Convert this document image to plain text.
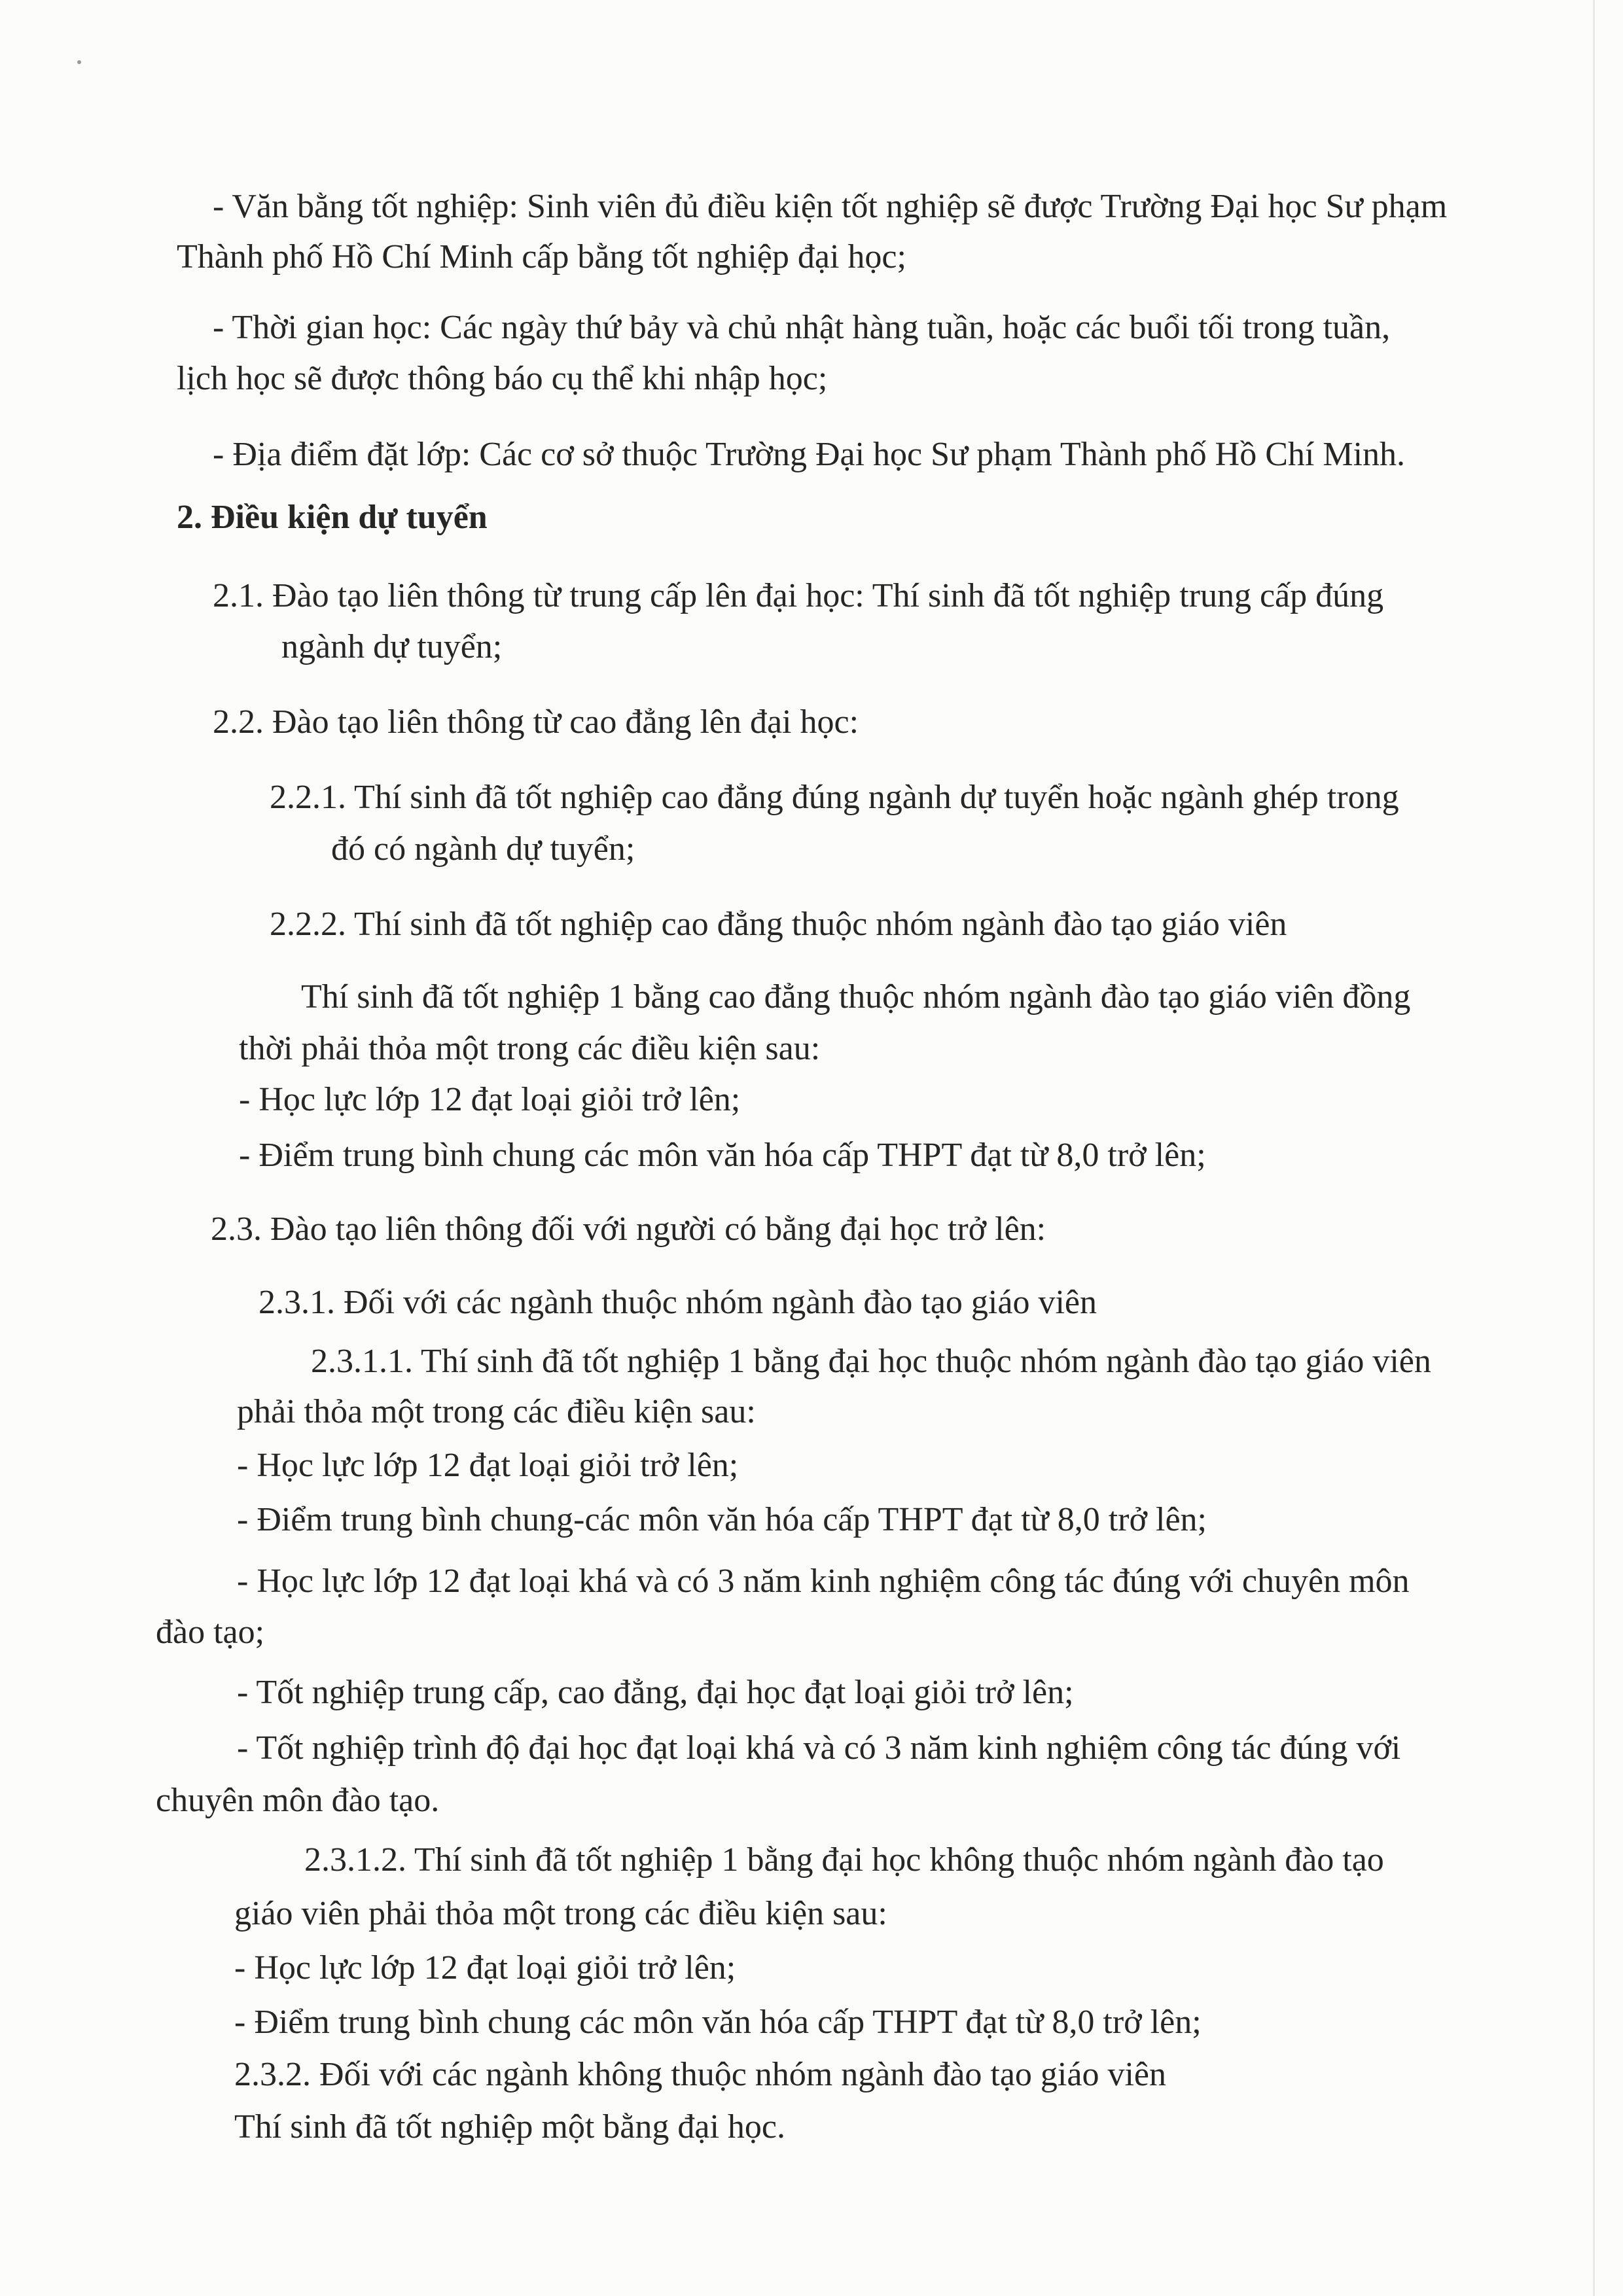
- Văn bằng tốt nghiệp: Sinh viên đủ điều kiện tốt nghiệp sẽ được Trường Đại học Sư phạm
Thành phố Hồ Chí Minh cấp bằng tốt nghiệp đại học;
- Thời gian học: Các ngày thứ bảy và chủ nhật hàng tuần, hoặc các buổi tối trong tuần,
lịch học sẽ được thông báo cụ thể khi nhập học;
- Địa điểm đặt lớp: Các cơ sở thuộc Trường Đại học Sư phạm Thành phố Hồ Chí Minh.
2. Điều kiện dự tuyển
2.1. Đào tạo liên thông từ trung cấp lên đại học: Thí sinh đã tốt nghiệp trung cấp đúng
ngành dự tuyển;
2.2. Đào tạo liên thông từ cao đẳng lên đại học:
2.2.1. Thí sinh đã tốt nghiệp cao đẳng đúng ngành dự tuyển hoặc ngành ghép trong
đó có ngành dự tuyển;
2.2.2. Thí sinh đã tốt nghiệp cao đẳng thuộc nhóm ngành đào tạo giáo viên
Thí sinh đã tốt nghiệp 1 bằng cao đẳng thuộc nhóm ngành đào tạo giáo viên đồng
thời phải thỏa một trong các điều kiện sau:
- Học lực lớp 12 đạt loại giỏi trở lên;
- Điểm trung bình chung các môn văn hóa cấp THPT đạt từ 8,0 trở lên;
2.3. Đào tạo liên thông đối với người có bằng đại học trở lên:
2.3.1. Đối với các ngành thuộc nhóm ngành đào tạo giáo viên
2.3.1.1. Thí sinh đã tốt nghiệp 1 bằng đại học thuộc nhóm ngành đào tạo giáo viên
phải thỏa một trong các điều kiện sau:
- Học lực lớp 12 đạt loại giỏi trở lên;
- Điểm trung bình chung-các môn văn hóa cấp THPT đạt từ 8,0 trở lên;
- Học lực lớp 12 đạt loại khá và có 3 năm kinh nghiệm công tác đúng với chuyên môn
đào tạo;
- Tốt nghiệp trung cấp, cao đẳng, đại học đạt loại giỏi trở lên;
- Tốt nghiệp trình độ đại học đạt loại khá và có 3 năm kinh nghiệm công tác đúng với
chuyên môn đào tạo.
2.3.1.2. Thí sinh đã tốt nghiệp 1 bằng đại học không thuộc nhóm ngành đào tạo
giáo viên phải thỏa một trong các điều kiện sau:
- Học lực lớp 12 đạt loại giỏi trở lên;
- Điểm trung bình chung các môn văn hóa cấp THPT đạt từ 8,0 trở lên;
2.3.2. Đối với các ngành không thuộc nhóm ngành đào tạo giáo viên
Thí sinh đã tốt nghiệp một bằng đại học.
